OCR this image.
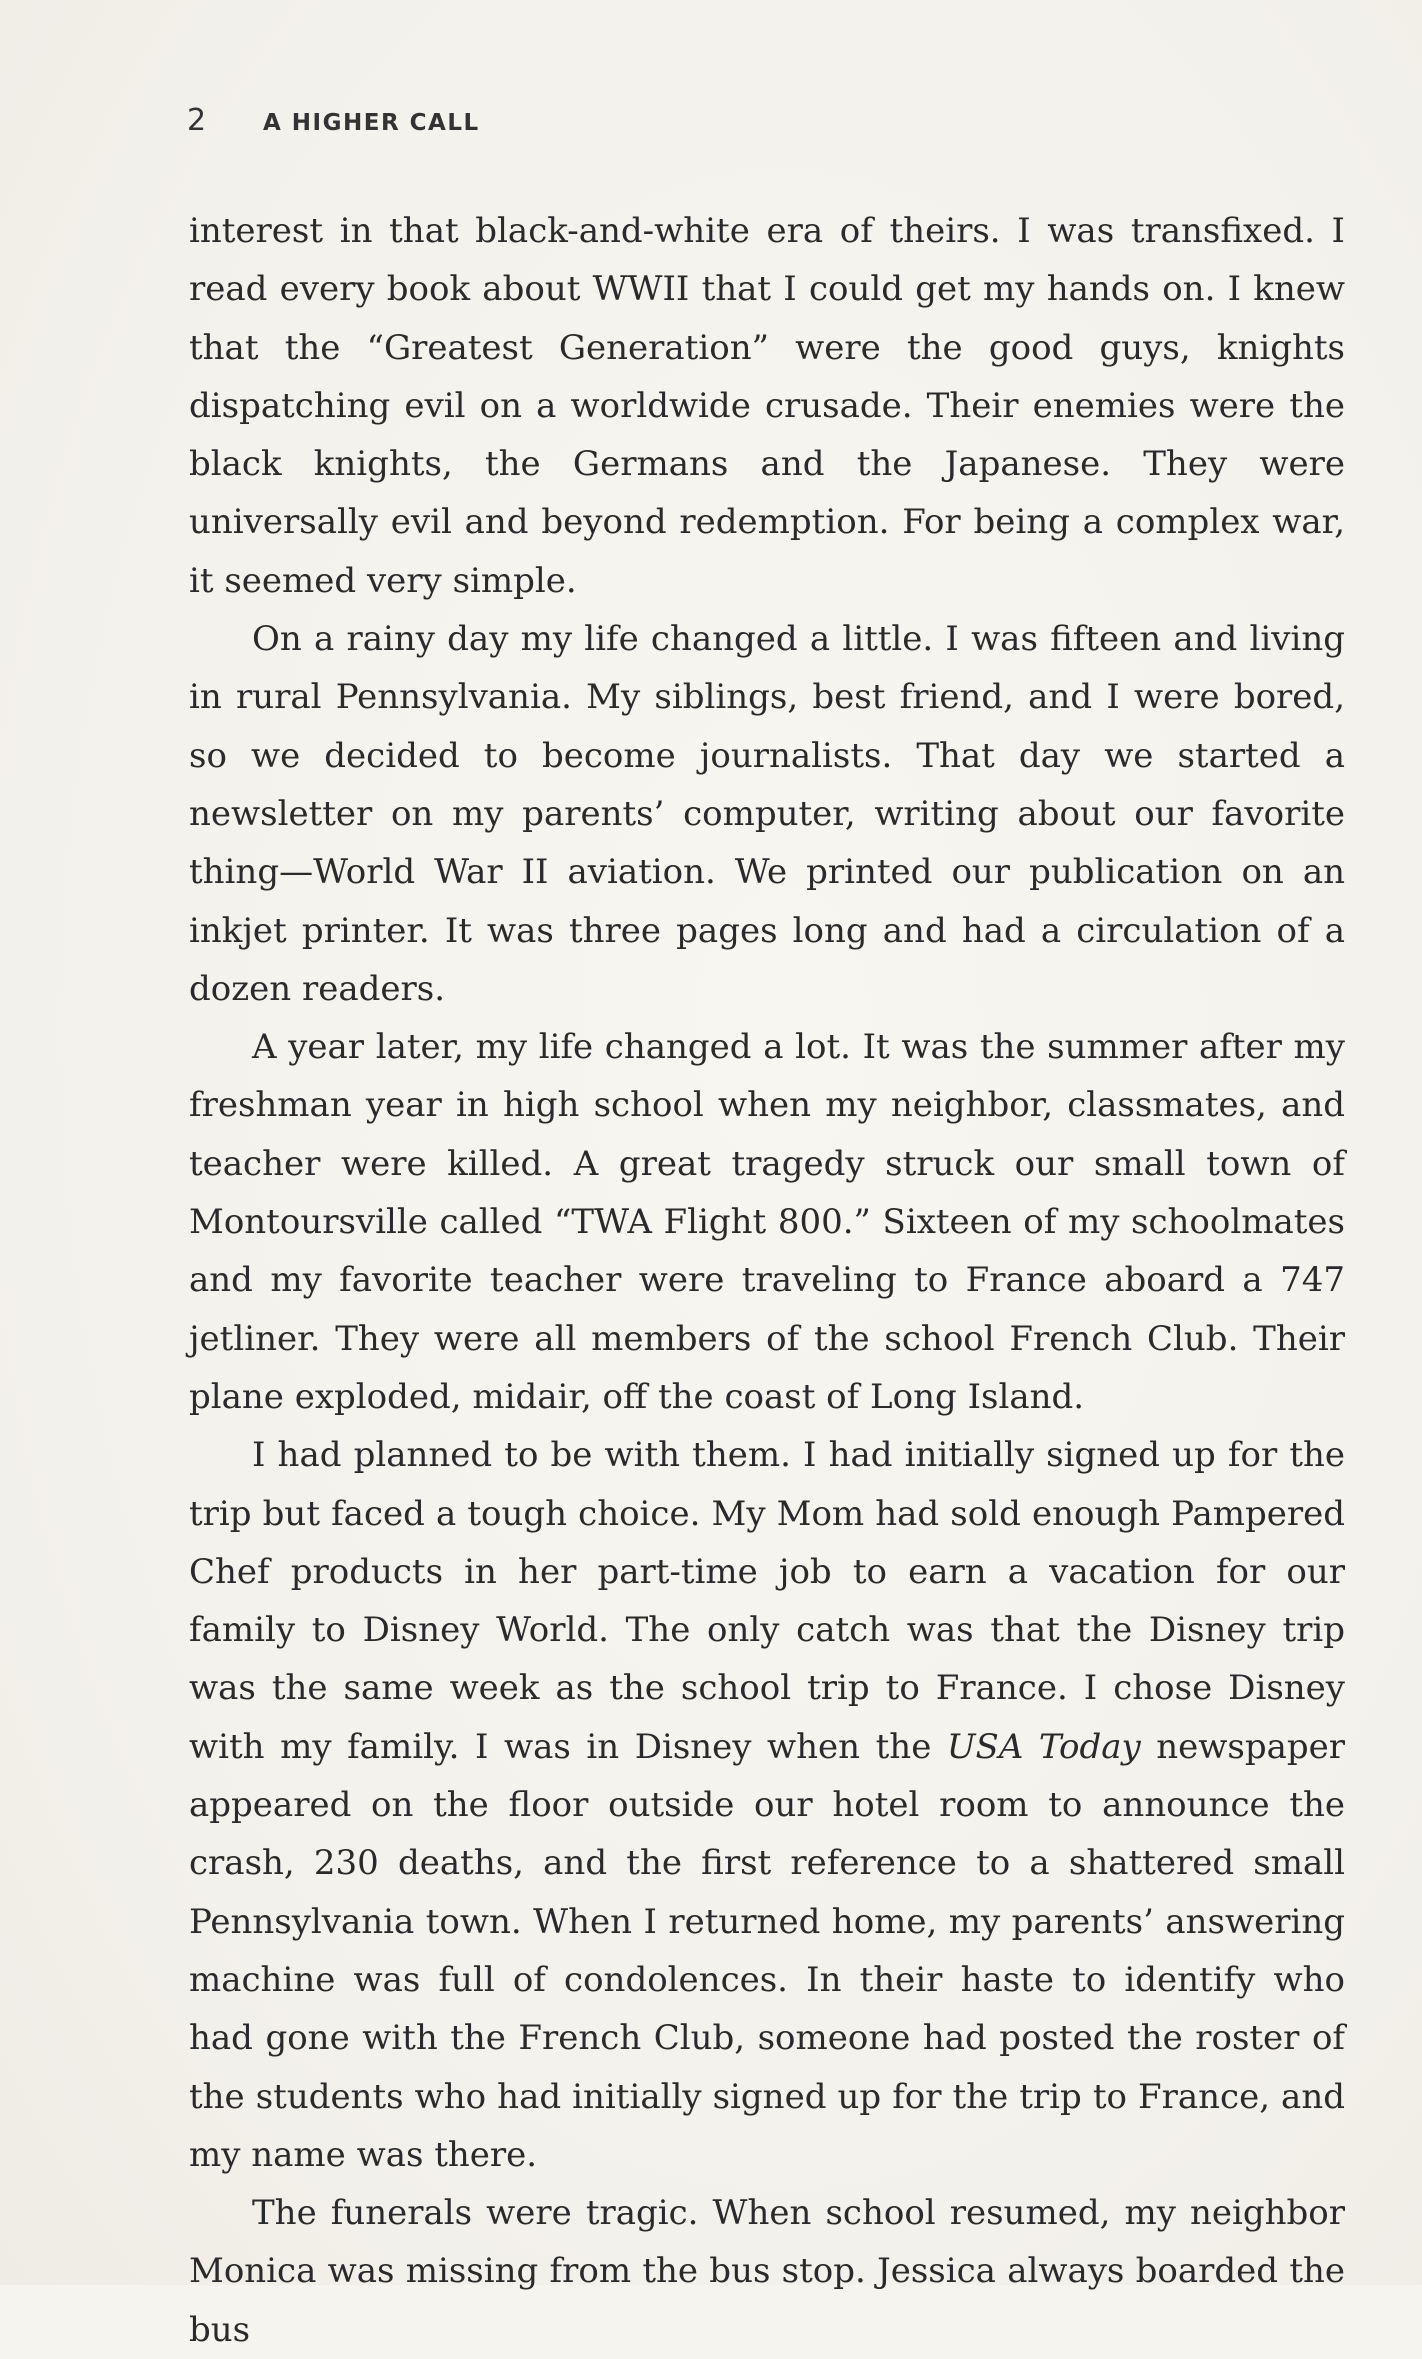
2	A HIGHER CALL

interest in that black-and-white era of theirs. I was transfixed. I read every book about WWII that I could get my hands on. I knew that the “Greatest Generation” were the good guys, knights dispatching evil on a worldwide crusade. Their enemies were the black knights, the Germans and the Japanese. They were universally evil and beyond redemption. For being a complex war, it seemed very simple.

On a rainy day my life changed a little. I was fifteen and living in rural Pennsylvania. My siblings, best friend, and I were bored, so we decided to become journalists. That day we started a newsletter on my parents’ computer, writing about our favorite thing—World War II aviation. We printed our publication on an inkjet printer. It was three pages long and had a circulation of a dozen readers.

A year later, my life changed a lot. It was the summer after my freshman year in high school when my neighbor, classmates, and teacher were killed. A great tragedy struck our small town of Montoursville called “TWA Flight 800.” Sixteen of my schoolmates and my favorite teacher were traveling to France aboard a 747 jetliner. They were all members of the school French Club. Their plane exploded, midair, off the coast of Long Island.

I had planned to be with them. I had initially signed up for the trip but faced a tough choice. My Mom had sold enough Pampered Chef products in her part-time job to earn a vacation for our family to Disney World. The only catch was that the Disney trip was the same week as the school trip to France. I chose Disney with my family. I was in Disney when the USA Today newspaper appeared on the floor outside our hotel room to announce the crash, 230 deaths, and the first reference to a shattered small Pennsylvania town. When I returned home, my parents’ answering machine was full of condolences. In their haste to identify who had gone with the French Club, someone had posted the roster of the students who had initially signed up for the trip to France, and my name was there.

The funerals were tragic. When school resumed, my neighbor Monica was missing from the bus stop. Jessica always boarded the bus
